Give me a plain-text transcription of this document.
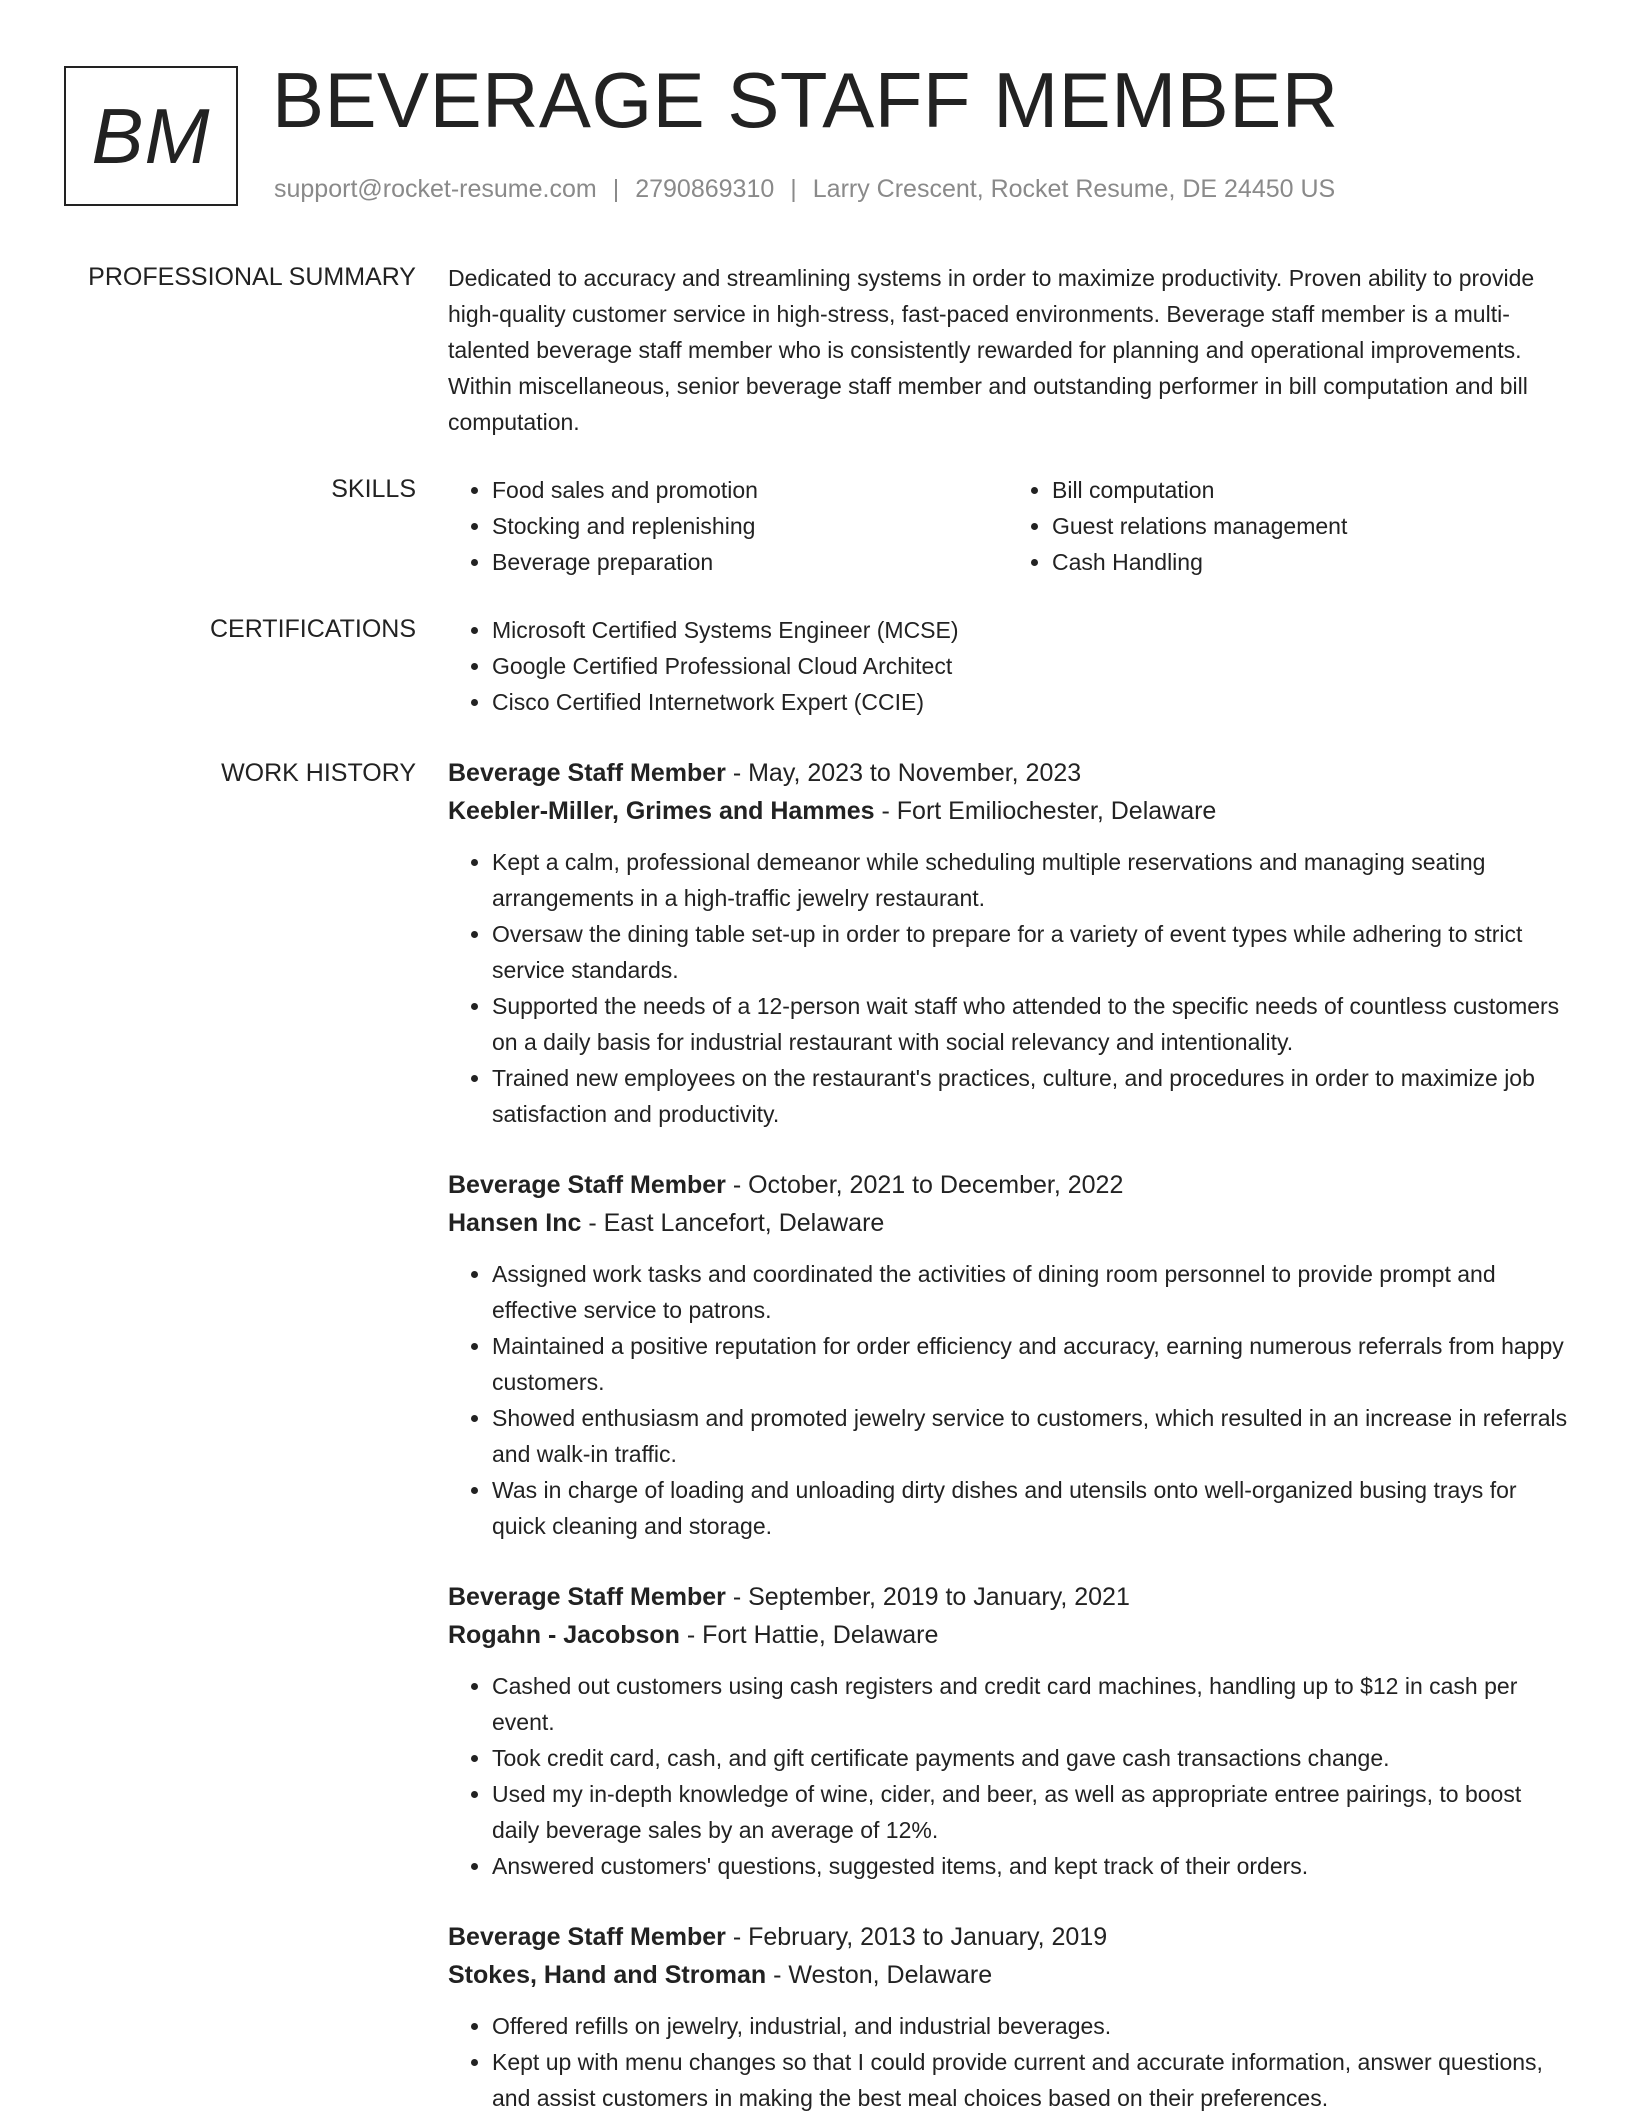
BM BEVERAGE STAFF MEMBER
support@rocket-resume.com | 2790869310 | Larry Crescent, Rocket Resume, DE 24450 US
PROFESSIONAL SUMMARY Dedicated to accuracy and streamlining systems in order to maximize productivity. Proven ability to provide high-quality customer service in high-stress, fast-paced environments. Beverage staff member is a multi-talented beverage staff member who is consistently rewarded for planning and operational improvements. Within miscellaneous, senior beverage staff member and outstanding performer in bill computation and bill computation.

SKILLS	• Food sales and promotion
• Stocking and replenishing
• Beverage preparation
• Bill computation
• Guest relations management
• Cash Handling
CERTIFICATIONS	• Microsoft Certified Systems Engineer (MCSE)
• Google Certified Professional Cloud Architect
• Cisco Certified Internetwork Expert (CCIE)
WORK HISTORY Beverage Staff Member - May, 2023 to November, 2023
Keebler-Miller, Grimes and Hammes - Fort Emiliochester, Delaware
• Kept a calm, professional demeanor while scheduling multiple reservations and managing seating arrangements in a high-traffic jewelry restaurant.
• Oversaw the dining table set-up in order to prepare for a variety of event types while adhering to strict service standards.
• Supported the needs of a 12-person wait staff who attended to the specific needs of countless customers on a daily basis for industrial restaurant with social relevancy and intentionality.
• Trained new employees on the restaurant's practices, culture, and procedures in order to maximize job satisfaction and productivity.
Beverage Staff Member - October, 2021 to December, 2022
Hansen Inc - East Lancefort, Delaware
• Assigned work tasks and coordinated the activities of dining room personnel to provide prompt and effective service to patrons.
• Maintained a positive reputation for order efficiency and accuracy, earning numerous referrals from happy customers.
• Showed enthusiasm and promoted jewelry service to customers, which resulted in an increase in referrals and walk-in traffic.
• Was in charge of loading and unloading dirty dishes and utensils onto well-organized busing trays for quick cleaning and storage.
Beverage Staff Member - September, 2019 to January, 2021
Rogahn - Jacobson - Fort Hattie, Delaware
• Cashed out customers using cash registers and credit card machines, handling up to $12 in cash per event.
• Took credit card, cash, and gift certificate payments and gave cash transactions change.
• Used my in-depth knowledge of wine, cider, and beer, as well as appropriate entree pairings, to boost daily beverage sales by an average of 12%.
• Answered customers' questions, suggested items, and kept track of their orders.
Beverage Staff Member - February, 2013 to January, 2019
Stokes, Hand and Stroman - Weston, Delaware
• Offered refills on jewelry, industrial, and industrial beverages.
• Kept up with menu changes so that I could provide current and accurate information, answer questions, and assist customers in making the best meal choices based on their preferences.
